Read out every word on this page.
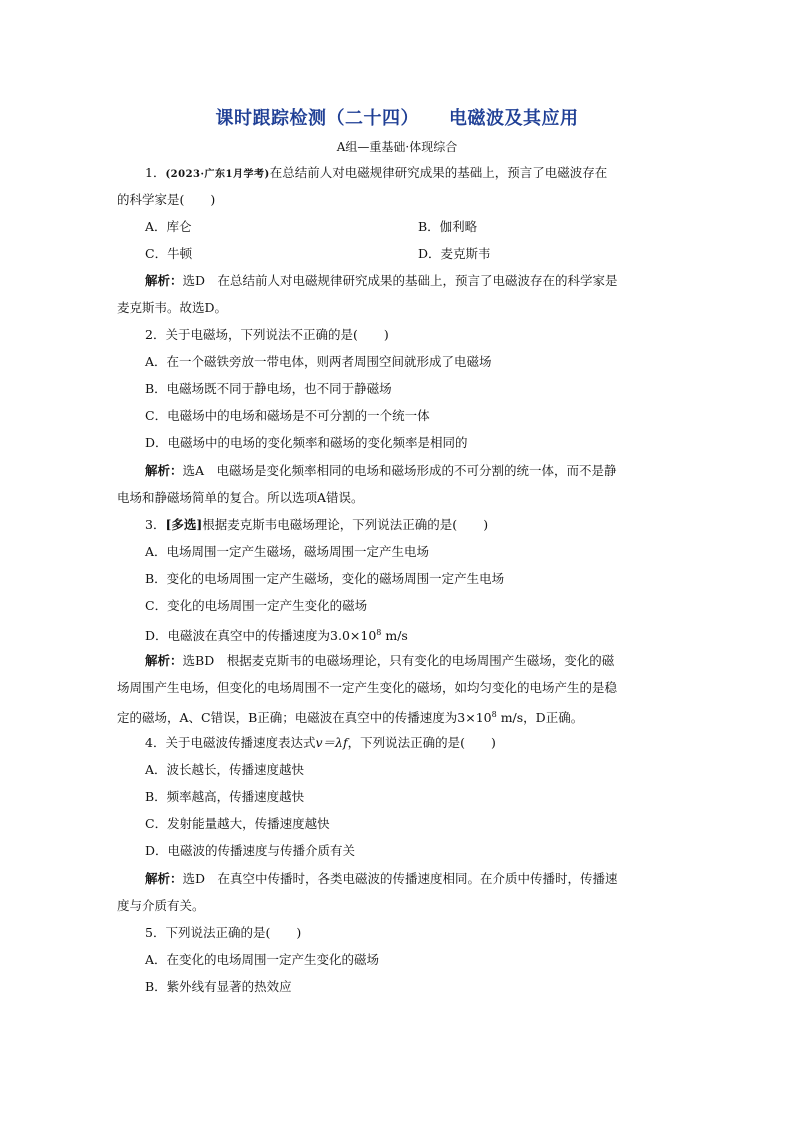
课时跟踪检测（二十四） 电磁波及其应用
A组—重基础·体现综合
1．(2023·广东1月学考)在总结前人对电磁规律研究成果的基础上，预言了电磁波存在
的科学家是( )
A．库仑	B．伽利略
C．牛顿	D．麦克斯韦
解析：选D　在总结前人对电磁规律研究成果的基础上，预言了电磁波存在的科学家是
麦克斯韦。故选D。
2．关于电磁场，下列说法不正确的是( )
A．在一个磁铁旁放一带电体，则两者周围空间就形成了电磁场
B．电磁场既不同于静电场，也不同于静磁场
C．电磁场中的电场和磁场是不可分割的一个统一体
D．电磁场中的电场的变化频率和磁场的变化频率是相同的
解析：选A　电磁场是变化频率相同的电场和磁场形成的不可分割的统一体，而不是静
电场和静磁场简单的复合。所以选项A错误。
3．[多选]根据麦克斯韦电磁场理论，下列说法正确的是( )
A．电场周围一定产生磁场，磁场周围一定产生电场
B．变化的电场周围一定产生磁场，变化的磁场周围一定产生电场
C．变化的电场周围一定产生变化的磁场
D．电磁波在真空中的传播速度为$3.0\times 10^8$ m/s
解析：选BD　根据麦克斯韦的电磁场理论，只有变化的电场周围产生磁场，变化的磁
场周围产生电场，但变化的电场周围不一定产生变化的磁场，如均匀变化的电场产生的是稳
定的磁场，A、C错误，B正确；电磁波在真空中的传播速度为$3\times 10^8$ m/s，D正确。
4．关于电磁波传播速度表达式v＝λf，下列说法正确的是( )
A．波长越长，传播速度越快
B．频率越高，传播速度越快
C．发射能量越大，传播速度越快
D．电磁波的传播速度与传播介质有关
解析：选D　在真空中传播时，各类电磁波的传播速度相同。在介质中传播时，传播速
度与介质有关。
5．下列说法正确的是( )
A．在变化的电场周围一定产生变化的磁场
B．紫外线有显著的热效应
